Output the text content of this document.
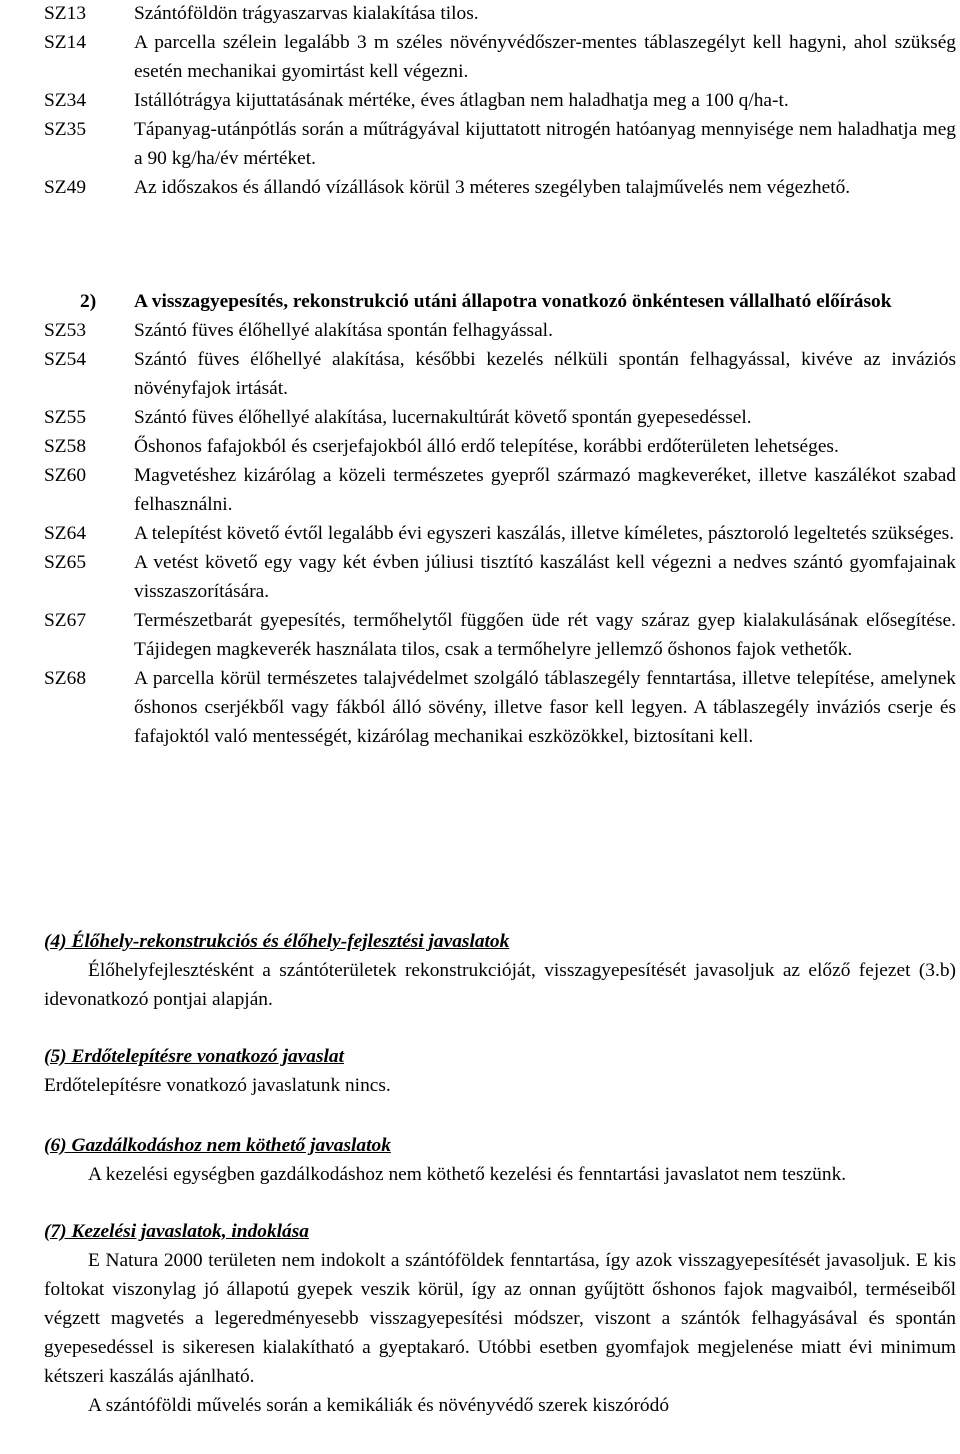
SZ13	Szántóföldön trágyaszarvas kialakítása tilos.
SZ14	A parcella szélein legalább 3 m széles növényvédőszer-mentes táblaszegélyt kell hagyni, ahol szükség esetén mechanikai gyomirtást kell végezni.
SZ34	Istállótrágya kijuttatásának mértéke, éves átlagban nem haladhatja meg a 100 q/ha-t.
SZ35	Tápanyag-utánpótlás során a műtrágyával kijuttatott nitrogén hatóanyag mennyisége nem haladhatja meg a 90 kg/ha/év mértéket.
SZ49	Az időszakos és állandó vízállások körül 3 méteres szegélyben talajművelés nem végezhető.
2)	A visszagyepesítés, rekonstrukció utáni állapotra vonatkozó önkéntesen vállalható előírások
SZ53	Szántó füves élőhellyé alakítása spontán felhagyással.
SZ54	Szántó füves élőhellyé alakítása, későbbi kezelés nélküli spontán felhagyással, kivéve az inváziós növényfajok irtását.
SZ55	Szántó füves élőhellyé alakítása, lucernakultúrát követő spontán gyepesedéssel.
SZ58	Őshonos fafajokból és cserjefajokból álló erdő telepítése, korábbi erdőterületen lehetséges.
SZ60	Magvetéshez kizárólag a közeli természetes gyepről származó magkeveréket, illetve kaszálékot szabad felhasználni.
SZ64	A telepítést követő évtől legalább évi egyszeri kaszálás, illetve kíméletes, pásztoroló legeltetés szükséges.
SZ65	A vetést követő egy vagy két évben júliusi tisztító kaszálást kell végezni a nedves szántó gyomfajainak visszaszorítására.
SZ67	Természetbarát gyepesítés, termőhelytől függően üde rét vagy száraz gyep kialakulásának elősegítése. Tájidegen magkeverék használata tilos, csak a termőhelyre jellemző őshonos fajok vethetők.
SZ68	A parcella körül természetes talajvédelmet szolgáló táblaszegély fenntartása, illetve telepítése, amelynek őshonos cserjékből vagy fákból álló sövény, illetve fasor kell legyen. A táblaszegély inváziós cserje és fafajoktól való mentességét, kizárólag mechanikai eszközökkel, biztosítani kell.
(4) Élőhely-rekonstrukciós és élőhely-fejlesztési javaslatok
Élőhelyfejlesztésként a szántóterületek rekonstrukcióját, visszagyepesítését javasoljuk az előző fejezet (3.b) idevonatkozó pontjai alapján.
(5) Erdőtelepítésre vonatkozó javaslat
Erdőtelepítésre vonatkozó javaslatunk nincs.
(6) Gazdálkodáshoz nem köthető javaslatok
A kezelési egységben gazdálkodáshoz nem köthető kezelési és fenntartási javaslatot nem teszünk.
(7) Kezelési javaslatok, indoklása
E Natura 2000 területen nem indokolt a szántóföldek fenntartása, így azok visszagyepesítését javasoljuk. E kis foltokat viszonylag jó állapotú gyepek veszik körül, így az onnan gyűjtött őshonos fajok magvaiból, terméseiből végzett magvetés a legeredményesebb visszagyepesítési módszer, viszont a szántók felhagyásával és spontán gyepesedéssel is sikeresen kialakítható a gyeptakaró. Utóbbi esetben gyomfajok megjelenése miatt évi minimum kétszeri kaszálás ajánlható.
A szántóföldi művelés során a kemikáliák és növényvédő szerek kiszóródó
